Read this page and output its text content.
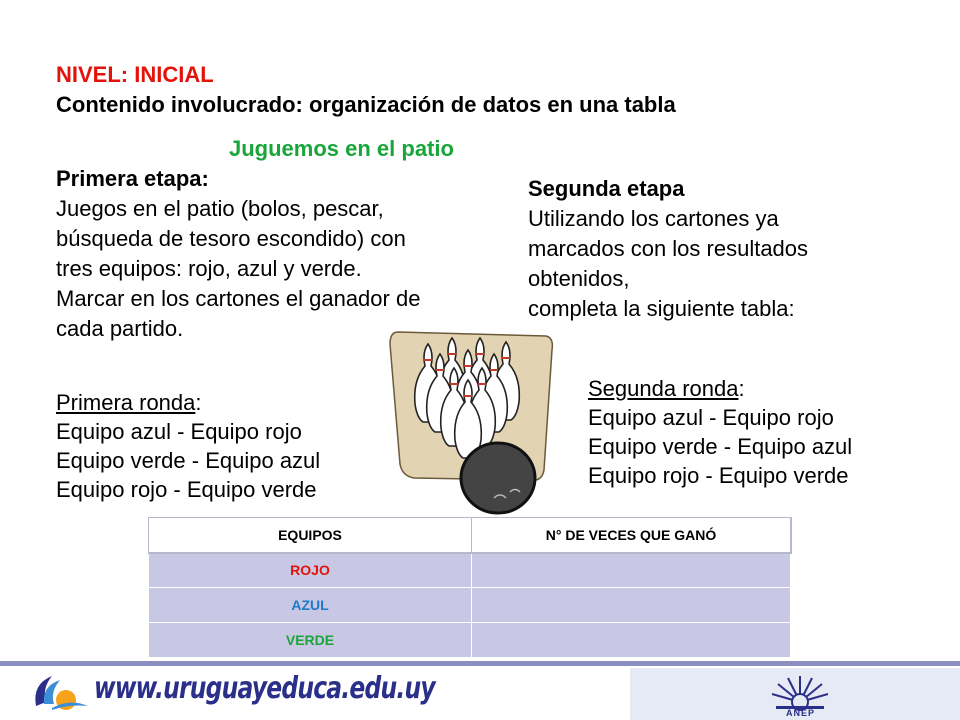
NIVEL: INICIAL
Contenido involucrado: organización de datos en una tabla
Juguemos en el patio
Primera etapa:
Juegos en el patio (bolos, pescar,
búsqueda de tesoro escondido) con
tres equipos: rojo, azul y verde.
Marcar en los cartones el ganador de
cada partido.
Primera ronda:
Equipo azul - Equipo rojo
Equipo verde - Equipo azul
Equipo rojo - Equipo verde
Segunda etapa
Utilizando los cartones ya
marcados con los resultados
obtenidos,
completa la siguiente tabla:
Segunda ronda:
Equipo azul - Equipo rojo
Equipo verde - Equipo azul
Equipo rojo - Equipo verde
EQUIPOS	N° DE VECES QUE GANÓ
ROJO	
AZUL	
VERDE	
www.uruguayeduca.edu.uy
ANEP
